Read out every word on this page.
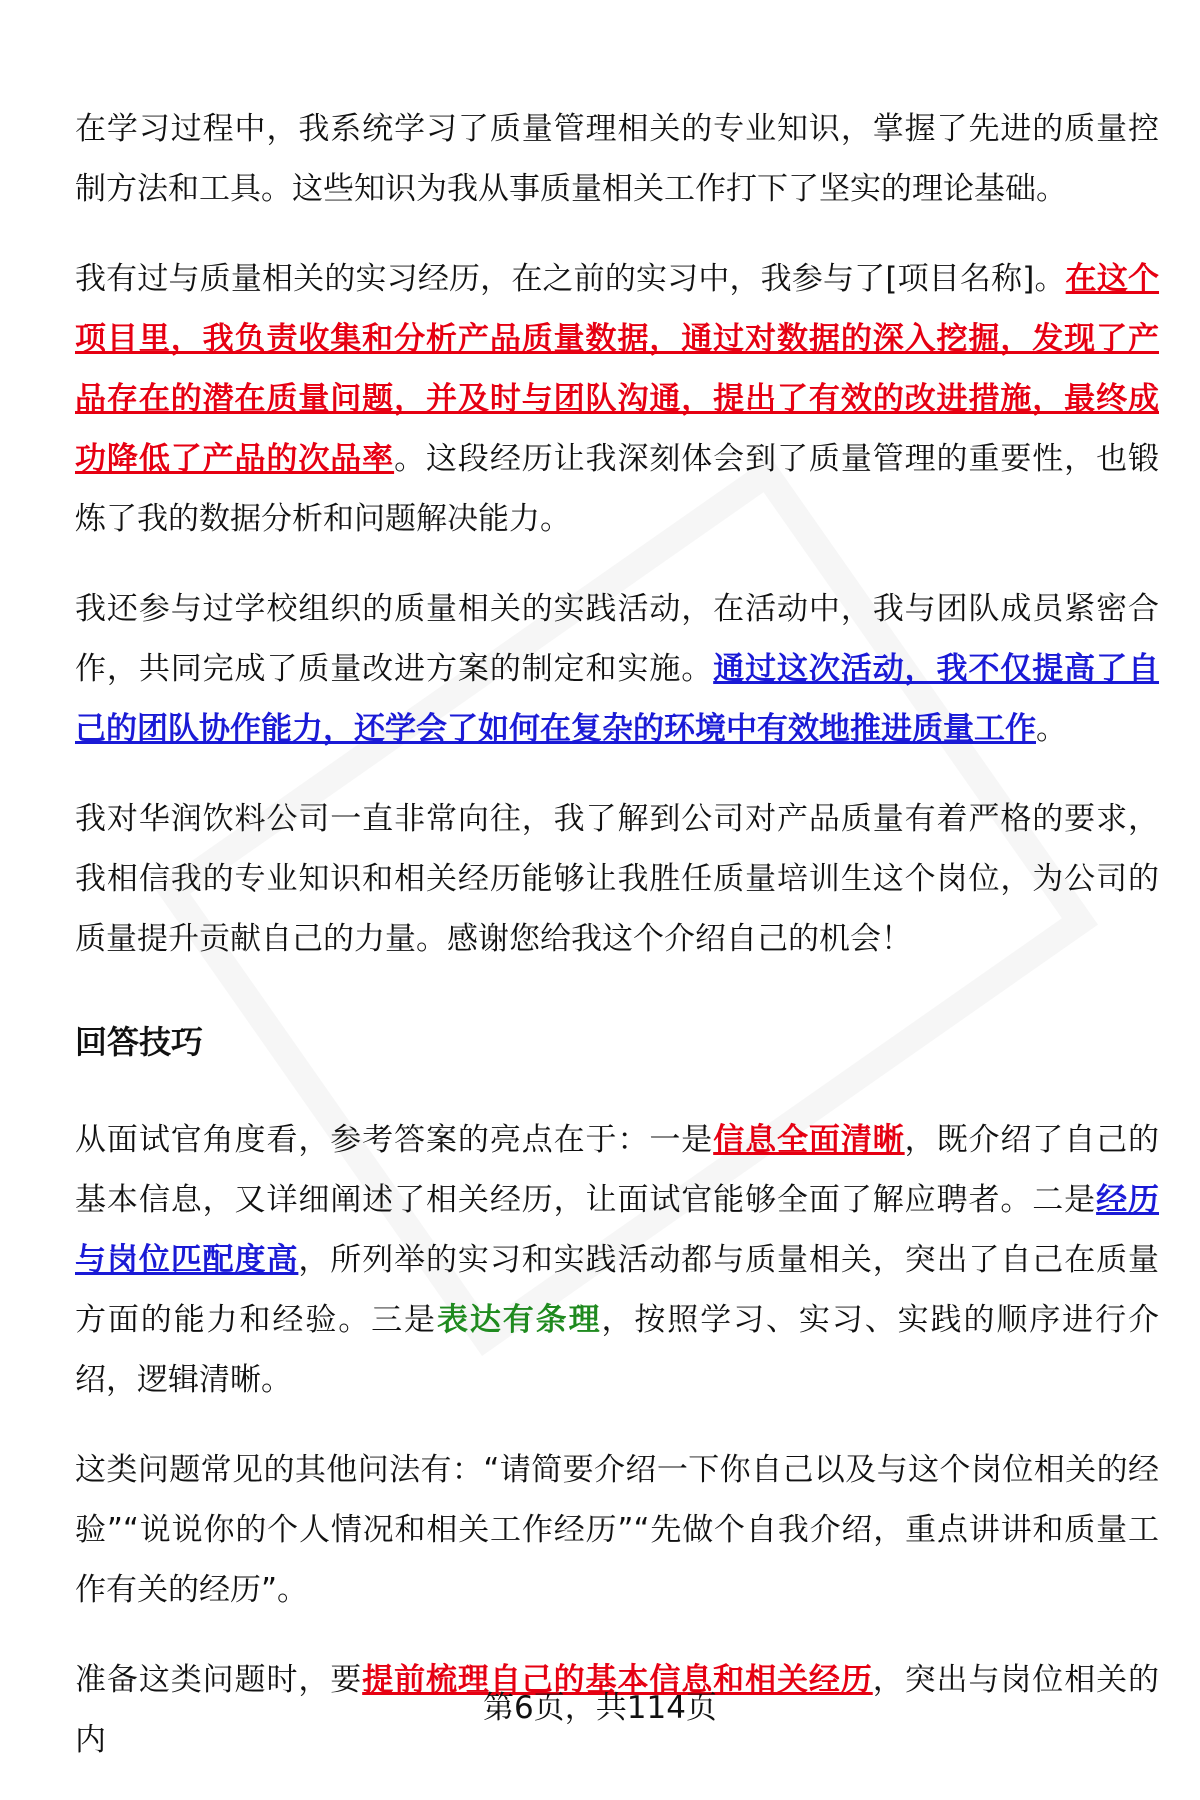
在学习过程中，我系统学习了质量管理相关的专业知识，掌握了先进的质量控制方法和工具。这些知识为我从事质量相关工作打下了坚实的理论基础。

我有过与质量相关的实习经历，在之前的实习中，我参与了[项目名称]。在这个项目里，我负责收集和分析产品质量数据，通过对数据的深入挖掘，发现了产品存在的潜在质量问题，并及时与团队沟通，提出了有效的改进措施，最终成功降低了产品的次品率。这段经历让我深刻体会到了质量管理的重要性，也锻炼了我的数据分析和问题解决能力。

我还参与过学校组织的质量相关的实践活动，在活动中，我与团队成员紧密合作，共同完成了质量改进方案的制定和实施。通过这次活动，我不仅提高了自己的团队协作能力，还学会了如何在复杂的环境中有效地推进质量工作。

我对华润饮料公司一直非常向往，我了解到公司对产品质量有着严格的要求，我相信我的专业知识和相关经历能够让我胜任质量培训生这个岗位，为公司的质量提升贡献自己的力量。感谢您给我这个介绍自己的机会！

回答技巧

从面试官角度看，参考答案的亮点在于：一是信息全面清晰，既介绍了自己的基本信息，又详细阐述了相关经历，让面试官能够全面了解应聘者。二是经历与岗位匹配度高，所列举的实习和实践活动都与质量相关，突出了自己在质量方面的能力和经验。三是表达有条理，按照学习、实习、实践的顺序进行介绍，逻辑清晰。

这类问题常见的其他问法有：“请简要介绍一下你自己以及与这个岗位相关的经验”“说说你的个人情况和相关工作经历”“先做个自我介绍，重点讲讲和质量工作有关的经历”。

准备这类问题时，要提前梳理自己的基本信息和相关经历，突出与岗位相关的内

第6页，共114页
